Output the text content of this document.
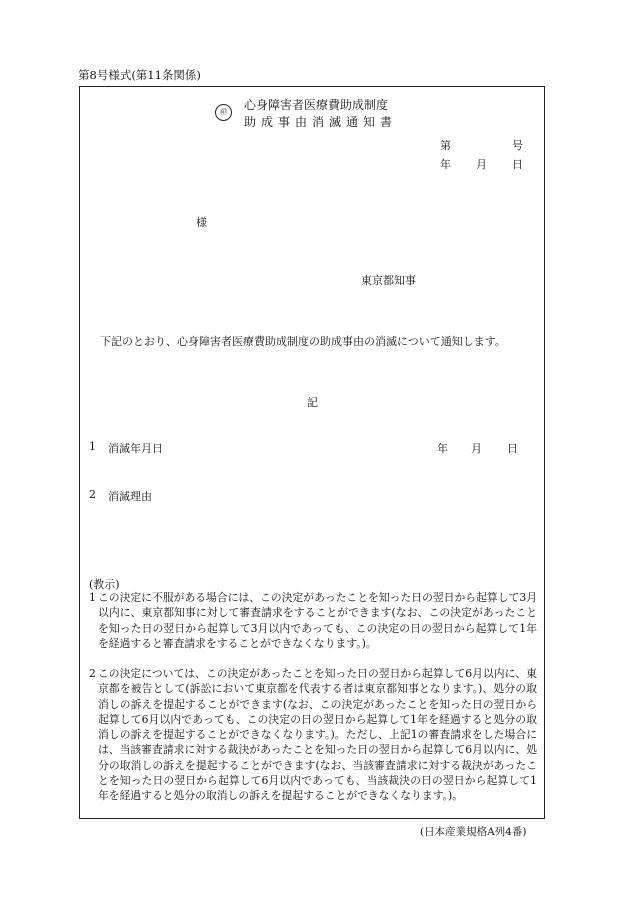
第8号様式(第11条関係)
㊞	心身障害者医療費助成制度
助成事由消滅通知書
第	号
年 月 日
様
東京都知事
下記のとおり、心身障害者医療費助成制度の助成事由の消滅について通知します。
記
1 消滅年月日	年 月 日
2 消滅理由
(教示)
1 この決定に不服がある場合には、この決定があったことを知った日の翌日から起算して3月以内に、東京都知事に対して審査請求をすることができます(なお、この決定があったことを知った日の翌日から起算して3月以内であっても、この決定の日の翌日から起算して1年を経過すると審査請求をすることができなくなります。)。
2 この決定については、この決定があったことを知った日の翌日から起算して6月以内に、東京都を被告として(訴訟において東京都を代表する者は東京都知事となります。)、処分の取消しの訴えを提起することができます(なお、この決定があったことを知った日の翌日から起算して6月以内であっても、この決定の日の翌日から起算して1年を経過すると処分の取消しの訴えを提起することができなくなります。)。ただし、上記1の審査請求をした場合には、当該審査請求に対する裁決があったことを知った日の翌日から起算して6月以内に、処分の取消しの訴えを提起することができます(なお、当該審査請求に対する裁決があったことを知った日の翌日から起算して6月以内であっても、当該裁決の日の翌日から起算して1年を経過すると処分の取消しの訴えを提起することができなくなります。)。
(日本産業規格A列4番)
